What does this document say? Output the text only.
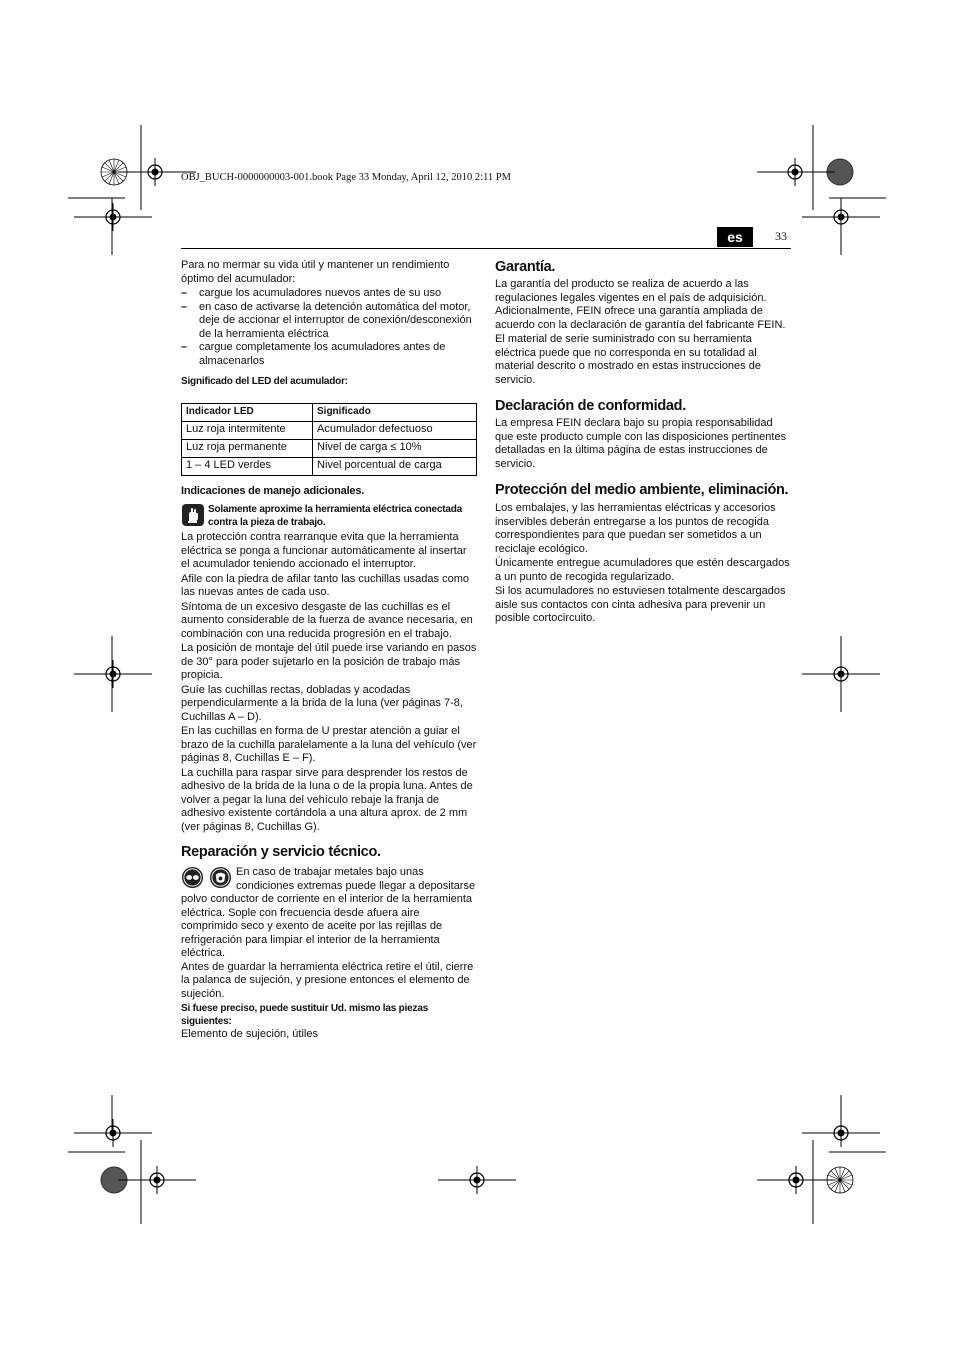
OBJ_BUCH-0000000003-001.book Page 33 Monday, April 12, 2010 2:11 PM
es	33

Para no mermar su vida útil y mantener un rendimiento óptimo del acumulador:

– cargue los acumuladores nuevos antes de su uso
– en caso de activarse la detención automática del motor, deje de accionar el interruptor de conexión/desconexión de la herramienta eléctrica
– cargue completamente los acumuladores antes de almacenarlos
Significado del LED del acumulador:
Indicador LED	Significado
Luz roja intermitente	Acumulador defectuoso
Luz roja permanente	Nivel de carga ≤ 10%
1 – 4 LED verdes	Nivel porcentual de carga
Indicaciones de manejo adicionales.
Solamente aproxime la herramienta eléctrica conectada contra la pieza de trabajo.

La protección contra rearranque evita que la herramienta eléctrica se ponga a funcionar automáticamente al insertar el acumulador teniendo accionado el interruptor.

Afile con la piedra de afilar tanto las cuchillas usadas como las nuevas antes de cada uso.

Síntoma de un excesivo desgaste de las cuchillas es el aumento considerable de la fuerza de avance necesaria, en combinación con una reducida progresión en el trabajo.

La posición de montaje del útil puede irse variando en pasos de 30° para poder sujetarlo en la posición de trabajo más propicia.

Guíe las cuchillas rectas, dobladas y acodadas perpendicularmente a la brida de la luna (ver páginas 7-8, Cuchillas A – D).

En las cuchillas en forma de U prestar atención a guiar el brazo de la cuchilla paralelamente a la luna del vehículo (ver páginas 8, Cuchillas E – F).

La cuchilla para raspar sirve para desprender los restos de adhesivo de la brida de la luna o de la propia luna. Antes de volver a pegar la luna del vehículo rebaje la franja de adhesivo existente cortándola a una altura aprox. de 2 mm (ver páginas 8, Cuchillas G).

Reparación y servicio técnico.

En caso de trabajar metales bajo unas condiciones extremas puede llegar a depositarse polvo conductor de corriente en el interior de la herramienta eléctrica. Sople con frecuencia desde afuera aire comprimido seco y exento de aceite por las rejillas de refrigeración para limpiar el interior de la herramienta eléctrica.

Antes de guardar la herramienta eléctrica retire el útil, cierre la palanca de sujeción, y presione entonces el elemento de sujeción.

Si fuese preciso, puede sustituir Ud. mismo las piezas siguientes:

Elemento de sujeción, útiles

Garantía.

La garantía del producto se realiza de acuerdo a las regulaciones legales vigentes en el país de adquisición. Adicionalmente, FEIN ofrece una garantía ampliada de acuerdo con la declaración de garantía del fabricante FEIN.

El material de serie suministrado con su herramienta eléctrica puede que no corresponda en su totalidad al material descrito o mostrado en estas instrucciones de servicio.

Declaración de conformidad.

La empresa FEIN declara bajo su propia responsabilidad que este producto cumple con las disposiciones pertinentes detalladas en la última página de estas instrucciones de servicio.

Protección del medio ambiente, eliminación.

Los embalajes, y las herramientas eléctricas y accesorios inservibles deberán entregarse a los puntos de recogida correspondientes para que puedan ser sometidos a un reciclaje ecológico.

Únicamente entregue acumuladores que estén descargados a un punto de recogida regularizado.

Si los acumuladores no estuviesen totalmente descargados aisle sus contactos con cinta adhesiva para prevenir un posible cortocircuito.
